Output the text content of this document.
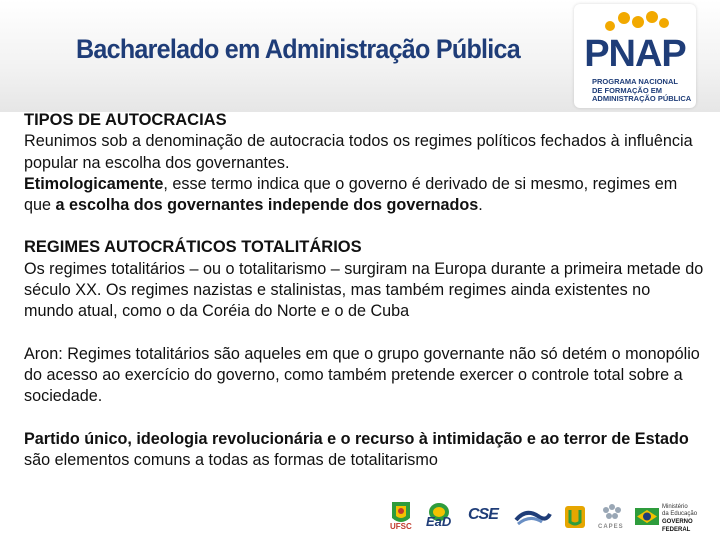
Bacharelado em Administração Pública PNAP
PROGRAMA NACIONAL
DE FORMAÇÃO EM
ADMINISTRAÇÃO PÚBLICA

TIPOS DE AUTOCRACIAS

Reunimos sob a denominação de autocracia todos os regimes políticos fechados à influência popular na escolha dos governantes.

Etimologicamente, esse termo indica que o governo é derivado de si mesmo, regimes em que a escolha dos governantes independe dos governados.

REGIMES AUTOCRÁTICOS TOTALITÁRIOS

Os regimes totalitários – ou o totalitarismo – surgiram na Europa durante a primeira metade do século XX. Os regimes nazistas e stalinistas, mas também regimes ainda existentes no mundo atual, como o da Coréia do Norte e o de Cuba

Aron: Regimes totalitários são aqueles em que o grupo governante não só detém o monopólio do acesso ao exercício do governo, como também pretende exercer o controle total sobre a sociedade.

Partido único, ideologia revolucionária e o recurso à intimidação e ao terror de Estado são elementos comuns a todas as formas de totalitarismo

UFSC EaD CSE
CAPES
Ministério
da Educação
GOVERNO FEDERAL
